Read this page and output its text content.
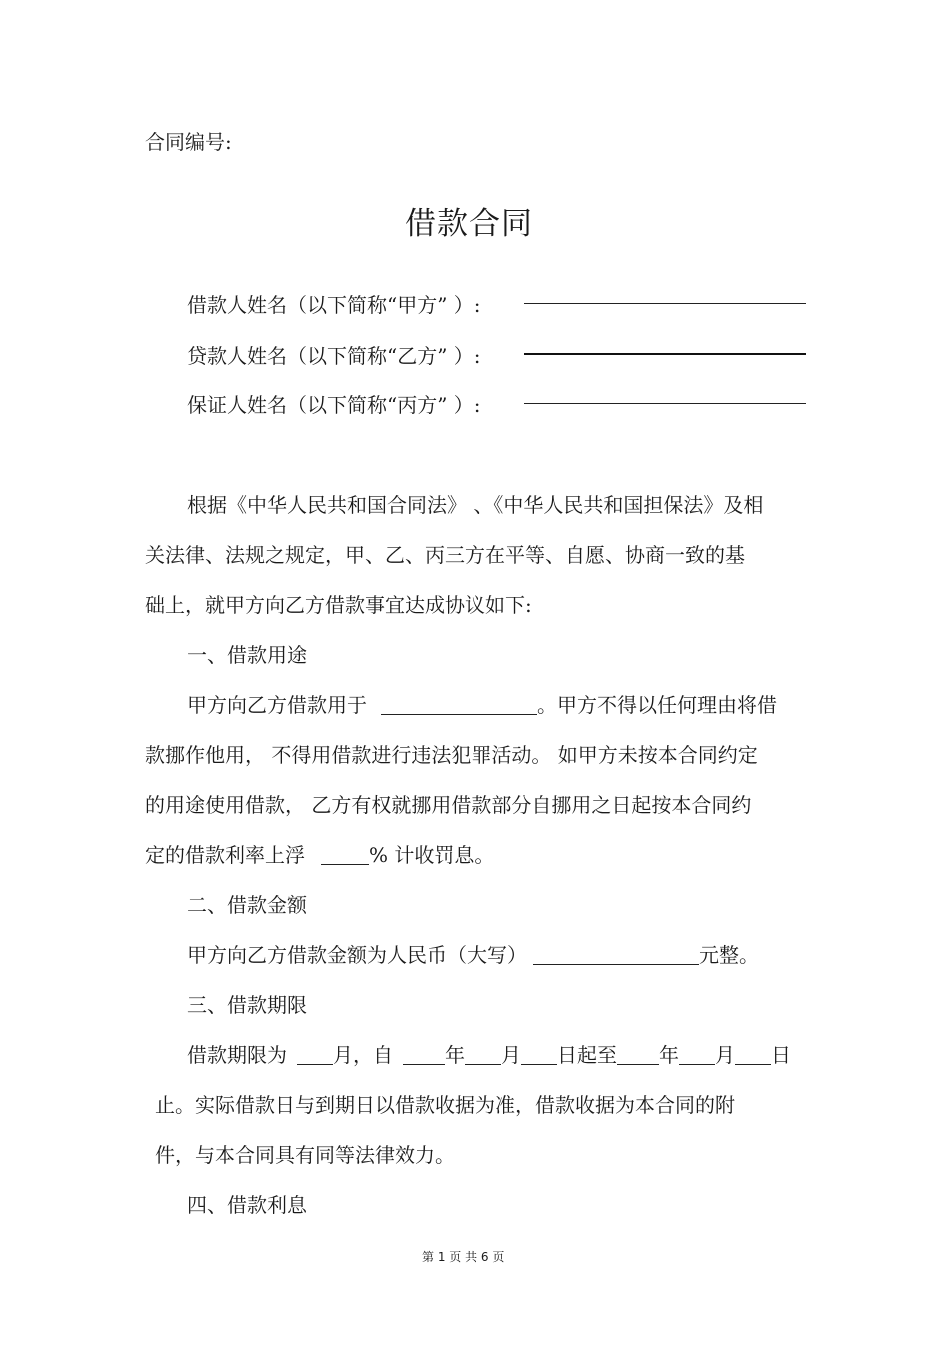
合同编号:
借款合同
借款人姓名（以下简称“甲方” ）:
贷款人姓名（以下简称“乙方” ）:
保证人姓名（以下简称“丙方” ）:
根据《中华人民共和国合同法》 、《中华人民共和国担保法》及相
关法律、法规之规定，甲、乙、丙三方在平等、自愿、协商一致的基
础上，就甲方向乙方借款事宜达成协议如下:
一、借款用途
甲方向乙方借款用于	。甲方不得以任何理由将借
款挪作他用， 不得用借款进行违法犯罪活动。 如甲方未按本合同约定
的用途使用借款， 乙方有权就挪用借款部分自挪用之日起按本合同约
定的借款利率上浮	% 计收罚息。
二、借款金额
甲方向乙方借款金额为人民币（大写）	元整。
三、借款期限
借款期限为 月，自	年 月 日起至 年 月 日
止。实际借款日与到期日以借款收据为准，借款收据为本合同的附
件，与本合同具有同等法律效力。
四、借款利息
第 1 页 共 6 页
